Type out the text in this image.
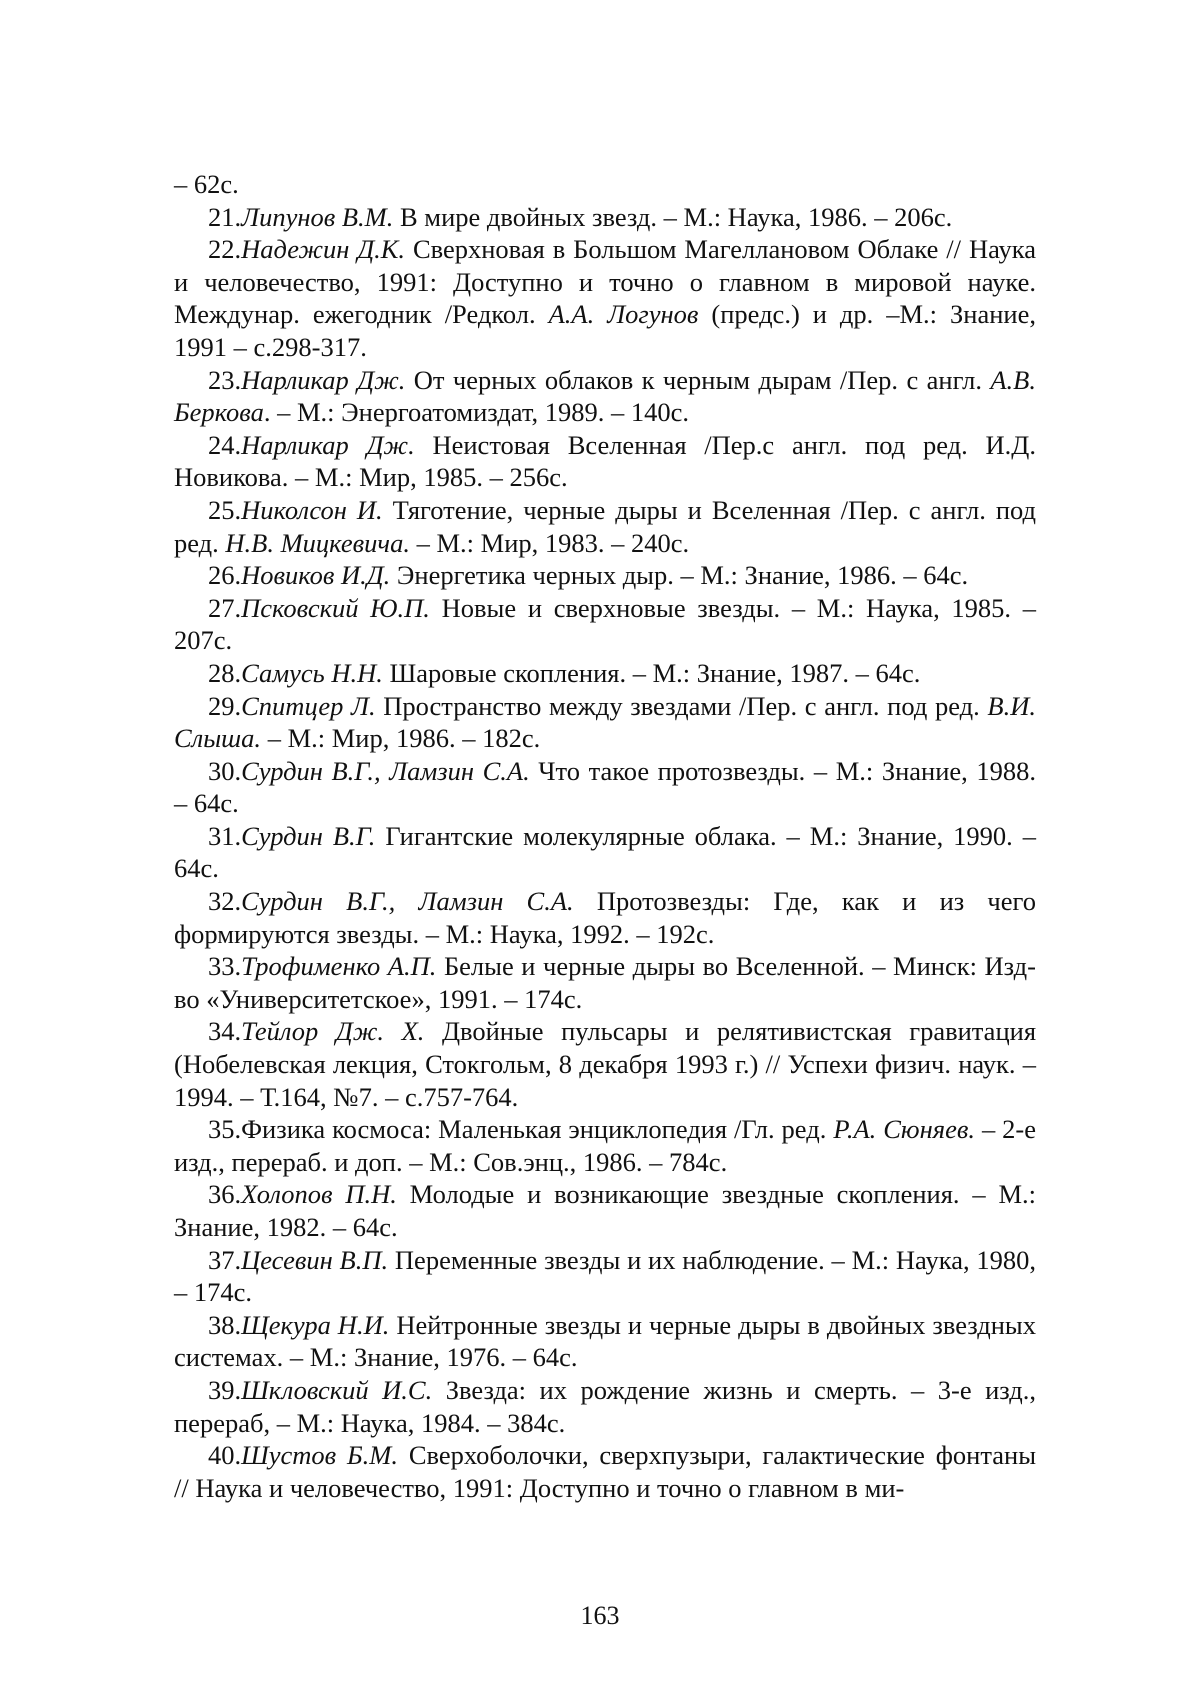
– 62с.

21.Липунов В.М. В мире двойных звезд. – М.: Наука, 1986. – 206с.

22.Надежин Д.К. Сверхновая в Большом Магеллановом Облаке // Наука и человечество, 1991: Доступно и точно о главном в мировой науке. Междунар. ежегодник /Редкол. А.А. Логунов (предс.) и др. –М.: Знание, 1991 – с.298-317.

23.Нарликар Дж. От черных облаков к черным дырам /Пер. с англ. А.В. Беркова. – М.: Энергоатомиздат, 1989. – 140с.

24.Нарликар Дж. Неистовая Вселенная /Пер.с англ. под ред. И.Д. Новикова. – М.: Мир, 1985. – 256с.

25.Николсон И. Тяготение, черные дыры и Вселенная /Пер. с англ. под ред. Н.В. Мицкевича. – М.: Мир, 1983. – 240с.

26.Новиков И.Д. Энергетика черных дыр. – М.: Знание, 1986. – 64с.

27.Псковский Ю.П. Новые и сверхновые звезды. – М.: Наука, 1985. – 207с.

28.Самусь Н.Н. Шаровые скопления. – М.: Знание, 1987. – 64с.

29.Спитцер Л. Пространство между звездами /Пер. с англ. под ред. В.И. Слыша. – М.: Мир, 1986. – 182с.

30.Сурдин В.Г., Ламзин С.А. Что такое протозвезды. – М.: Знание, 1988. – 64с.

31.Сурдин В.Г. Гигантские молекулярные облака. – М.: Знание, 1990. – 64с.

32.Сурдин В.Г., Ламзин С.А. Протозвезды: Где, как и из чего формируются звезды. – М.: Наука, 1992. – 192с.

33.Трофименко А.П. Белые и черные дыры во Вселенной. – Минск: Изд-во «Университетское», 1991. – 174с.

34.Тейлор Дж. Х. Двойные пульсары и релятивистская гравитация (Нобелевская лекция, Стокгольм, 8 декабря 1993 г.) // Успехи физич. наук. – 1994. – Т.164, №7. – с.757-764.

35.Физика космоса: Маленькая энциклопедия /Гл. ред. Р.А. Сюняев. – 2-е изд., перераб. и доп. – М.: Сов.энц., 1986. – 784с.

36.Холопов П.Н. Молодые и возникающие звездные скопления. – М.: Знание, 1982. – 64с.

37.Цесевин В.П. Переменные звезды и их наблюдение. – М.: Наука, 1980, – 174с.

38.Щекура Н.И. Нейтронные звезды и черные дыры в двойных звездных системах. – М.: Знание, 1976. – 64с.

39.Шкловский И.С. Звезда: их рождение жизнь и смерть. – 3-е изд., перераб, – М.: Наука, 1984. – 384с.

40.Шустов Б.М. Сверхоболочки, сверхпузыри, галактические фонтаны // Наука и человечество, 1991: Доступно и точно о главном в ми-

163
